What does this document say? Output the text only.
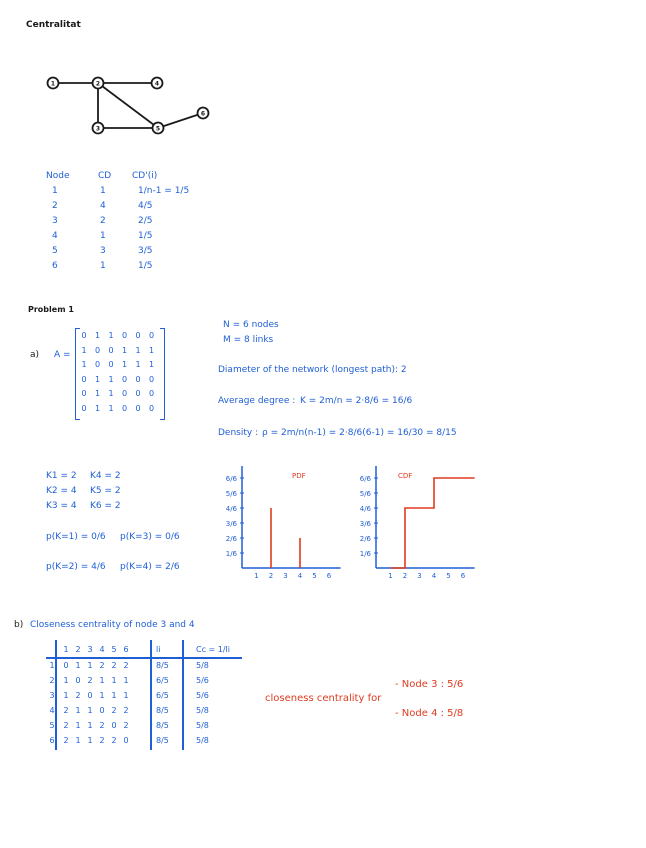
Centralitat
1	2
3
4
5
6
Node	CD CD'(i)
1	1	1/n-1 = 1/5
2	4	4/5
3	2	2/5
4	1	1/5
5	3	3/5
6	1	1/5
Problem 1
a) A =
0	1	1	0	0	0
1	0	0	1	1	1
1	0	0	1	1	1
0	1	1	0	0	0
0	1	1	0	0	0
0	1	1	0	0	0
N = 6 nodes
M = 8 links
Diameter of the network (longest path): 2
Average degree : K = 2m/n = 2·8/6 = 16/6
Density : ρ = 2m/n(n-1) = 2·8/6(6-1) = 16/30 = 8/15
K1 = 2 K4 = 2
K2 = 4 K5 = 2
K3 = 4 K6 = 2
p(K=1) = 0/6 p(K=3) = 0/6
p(K=2) = 4/6 p(K=4) = 2/6
1/6
2/6
3/6
4/6
5/6
6/6
1 2 3 4 5 6
PDF
1/6
2/6
3/6
4/6
5/6
6/6
1 2 3 4 5 6
CDF
b) Closeness centrality of node 3 and 4
1 2 3 4 5 6	li	Cc = 1/li
1	0 1 1 2 2 2	8/5	5/8
2	1 0 2 1 1 1	6/5	5/6
3	1 2 0 1 1 1	6/5	5/6
4	2 1 1 0 2 2	8/5	5/8
5	2 1 1 2 0 2	8/5	5/8
6	2 1 1 2 2 0	8/5	5/8
closeness centrality for
- Node 3 : 5/6
- Node 4 : 5/8
